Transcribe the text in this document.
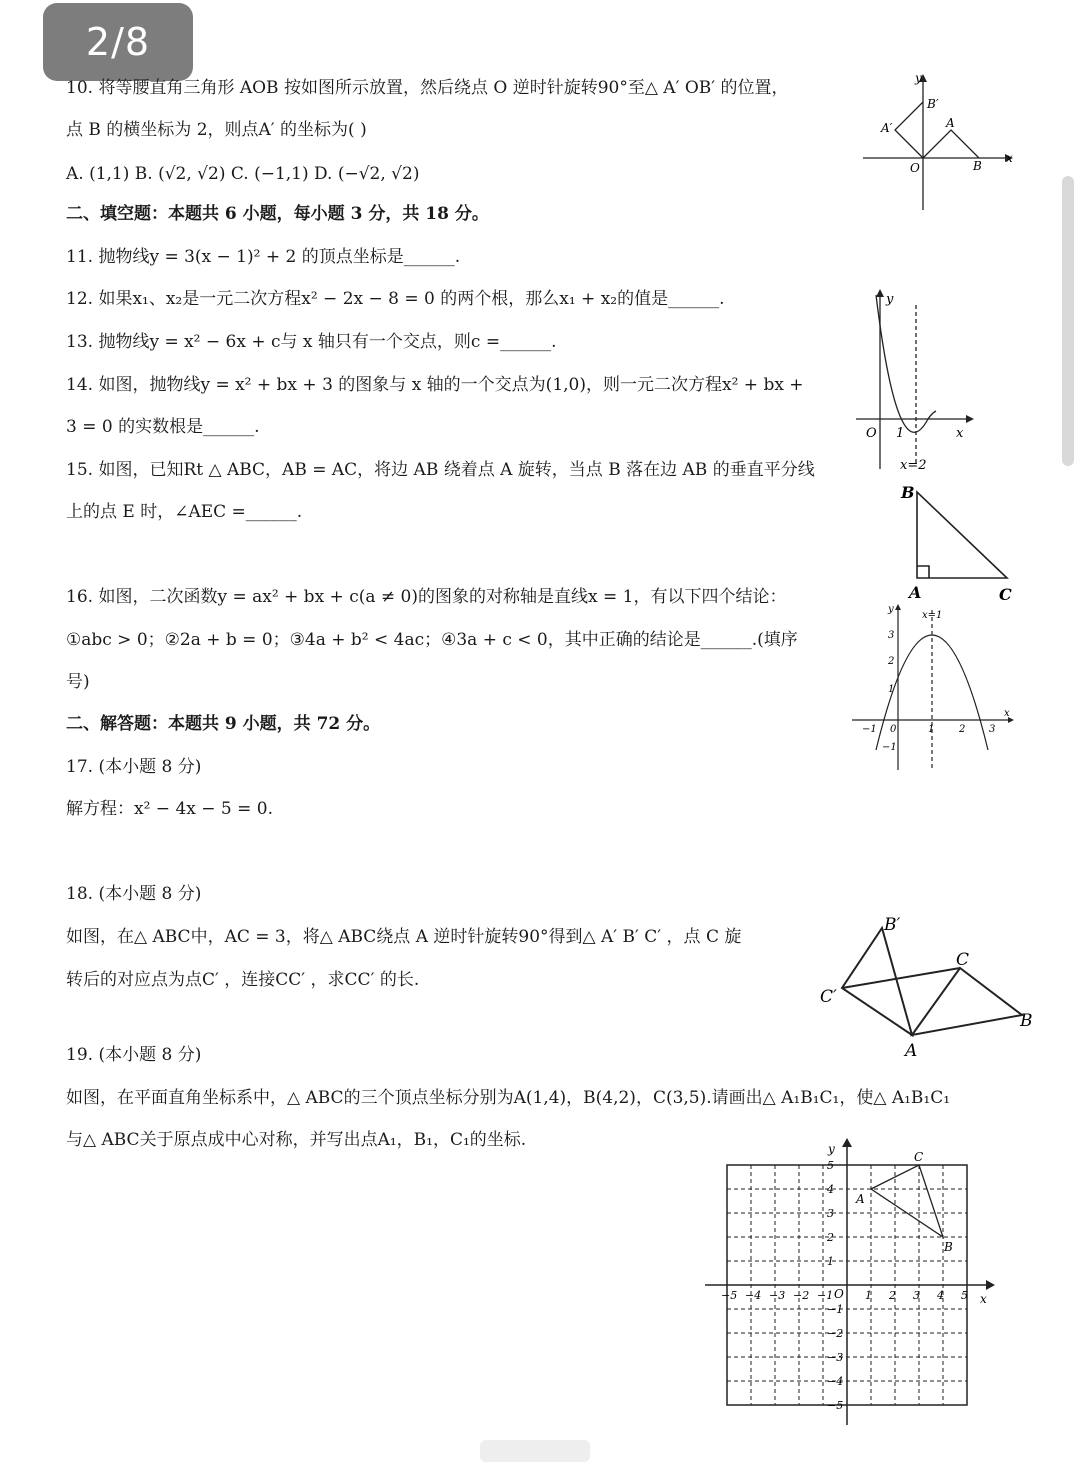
2/8
10. 将等腰直角三角形 AOB 按如图所示放置，然后绕点 O 逆时针旋转90°至△ A′ OB′ 的位置，
点 B 的横坐标为 2，则点A′ 的坐标为( )
A. (1,1) B. (√2, √2) C. (−1,1) D. (−√2, √2)
二、填空题：本题共 6 小题，每小题 3 分，共 18 分。
11. 抛物线y = 3(x − 1)² + 2 的顶点坐标是______.
12. 如果x₁、x₂是一元二次方程x² − 2x − 8 = 0 的两个根，那么x₁ + x₂的值是______.
13. 抛物线y = x² − 6x + c与 x 轴只有一个交点，则c =______.
14. 如图，抛物线y = x² + bx + 3 的图象与 x 轴的一个交点为(1,0)，则一元二次方程x² + bx +
3 = 0 的实数根是______.
15. 如图，已知Rt △ ABC，AB = AC，将边 AB 绕着点 A 旋转，当点 B 落在边 AB 的垂直平分线
上的点 E 时，∠AEC =______.
16. 如图，二次函数y = ax² + bx + c(a ≠ 0)的图象的对称轴是直线x = 1，有以下四个结论：
①abc > 0；②2a + b = 0；③4a + b² < 4ac；④3a + c < 0，其中正确的结论是______.(填序
号)
二、解答题：本题共 9 小题，共 72 分。
17. (本小题 8 分)
解方程：x² − 4x − 5 = 0.
18. (本小题 8 分)
如图，在△ ABC中，AC = 3，将△ ABC绕点 A 逆时针旋转90°得到△ A′ B′ C′ ，点 C 旋
转后的对应点为点C′ ，连接CC′ ，求CC′ 的长.
19. (本小题 8 分)
如图，在平面直角坐标系中，△ ABC的三个顶点坐标分别为A(1,4)，B(4,2)，C(3,5).请画出△ A₁B₁C₁，使△ A₁B₁C₁
与△ ABC关于原点成中心对称，并写出点A₁，B₁，C₁的坐标.
y
x
O
A
B
A′
B′
y
x
O 1
x=2
B
A	C
y
x
x=1
0	1 2 3
−1
1
2
3
−1
B′
C′
C
B
A
y
x
O
A
B
C
−5 −4 −3 −2 −1	1 2 3 4 5
5
4
3
2
1
−1
−2
−3
−4
−5
